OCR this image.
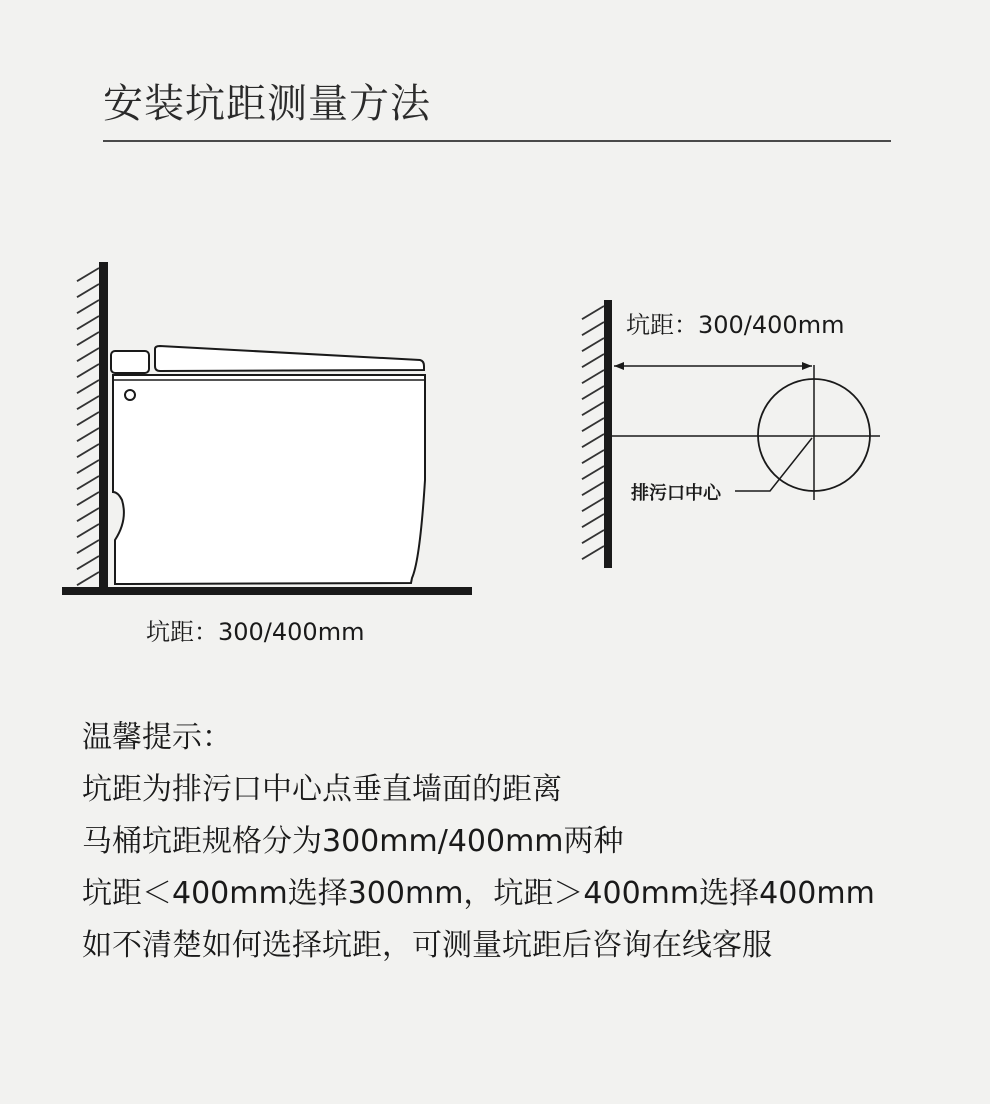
安装坑距测量方法
坑距：300/400mm
排污口中心
坑距：300/400mm
温馨提示：
坑距为排污口中心点垂直墙面的距离
马桶坑距规格分为300mm/400mm两种
坑距＜400mm选择300mm，坑距＞400mm选择400mm
如不清楚如何选择坑距，可测量坑距后咨询在线客服
